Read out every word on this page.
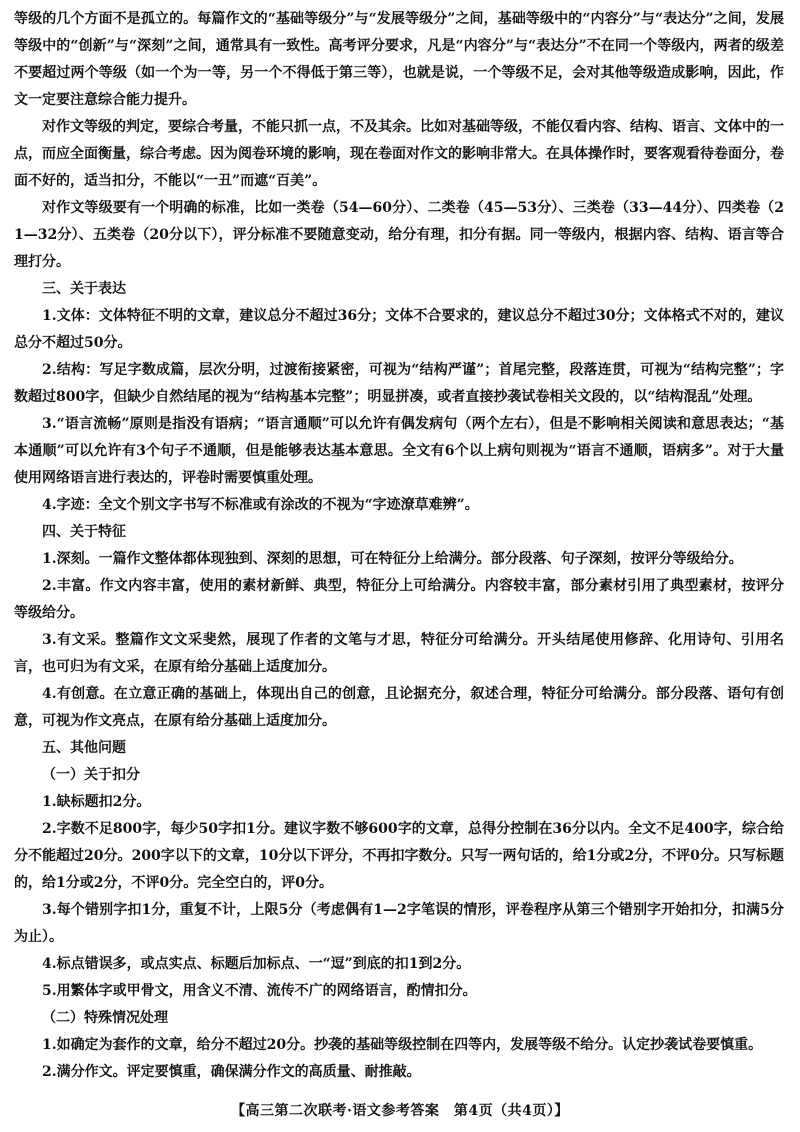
等级的几个方面不是孤立的。每篇作文的“基础等级分”与“发展等级分”之间，基础等级中的“内容分”与“表达分”之间，发展等级中的“创新”与“深刻”之间，通常具有一致性。高考评分要求，凡是“内容分”与“表达分”不在同一个等级内，两者的级差不要超过两个等级（如一个为一等，另一个不得低于第三等），也就是说，一个等级不足，会对其他等级造成影响，因此，作文一定要注意综合能力提升。

对作文等级的判定，要综合考量，不能只抓一点，不及其余。比如对基础等级，不能仅看内容、结构、语言、文体中的一点，而应全面衡量，综合考虑。因为阅卷环境的影响，现在卷面对作文的影响非常大。在具体操作时，要客观看待卷面分，卷面不好的，适当扣分，不能以“一丑”而遮“百美”。

对作文等级要有一个明确的标准，比如一类卷（54—60分）、二类卷（45—53分）、三类卷（33—44分）、四类卷（21—32分）、五类卷（20分以下），评分标准不要随意变动，给分有理，扣分有据。同一等级内，根据内容、结构、语言等合理打分。

三、关于表达

1.文体：文体特征不明的文章，建议总分不超过36分；文体不合要求的，建议总分不超过30分；文体格式不对的，建议总分不超过50分。

2.结构：写足字数成篇，层次分明，过渡衔接紧密，可视为“结构严谨”；首尾完整，段落连贯，可视为“结构完整”；字数超过800字，但缺少自然结尾的视为“结构基本完整”；明显拼凑，或者直接抄袭试卷相关文段的，以“结构混乱”处理。

3.“语言流畅”原则是指没有语病；“语言通顺”可以允许有偶发病句（两个左右），但是不影响相关阅读和意思表达；“基本通顺”可以允许有3个句子不通顺，但是能够表达基本意思。全文有6个以上病句则视为“语言不通顺，语病多”。对于大量使用网络语言进行表达的，评卷时需要慎重处理。

4.字迹：全文个别文字书写不标准或有涂改的不视为“字迹潦草难辨”。

四、关于特征

1.深刻。一篇作文整体都体现独到、深刻的思想，可在特征分上给满分。部分段落、句子深刻，按评分等级给分。

2.丰富。作文内容丰富，使用的素材新鲜、典型，特征分上可给满分。内容较丰富，部分素材引用了典型素材，按评分等级给分。

3.有文采。整篇作文文采斐然，展现了作者的文笔与才思，特征分可给满分。开头结尾使用修辞、化用诗句、引用名言，也可归为有文采，在原有给分基础上适度加分。

4.有创意。在立意正确的基础上，体现出自己的创意，且论据充分，叙述合理，特征分可给满分。部分段落、语句有创意，可视为作文亮点，在原有给分基础上适度加分。

五、其他问题

（一）关于扣分

1.缺标题扣2分。

2.字数不足800字，每少50字扣1分。建议字数不够600字的文章，总得分控制在36分以内。全文不足400字，综合给分不能超过20分。200字以下的文章，10分以下评分，不再扣字数分。只写一两句话的，给1分或2分，不评0分。只写标题的，给1分或2分，不评0分。完全空白的，评0分。

3.每个错别字扣1分，重复不计，上限5分（考虑偶有1—2字笔误的情形，评卷程序从第三个错别字开始扣分，扣满5分为止）。

4.标点错误多，或点实点、标题后加标点、一“逗”到底的扣1到2分。

5.用繁体字或甲骨文，用含义不清、流传不广的网络语言，酌情扣分。

（二）特殊情况处理

1.如确定为套作的文章，给分不超过20分。抄袭的基础等级控制在四等内，发展等级不给分。认定抄袭试卷要慎重。

2.满分作文。评定要慎重，确保满分作文的高质量、耐推敲。

【高三第二次联考·语文参考答案　第4页（共4页）】
